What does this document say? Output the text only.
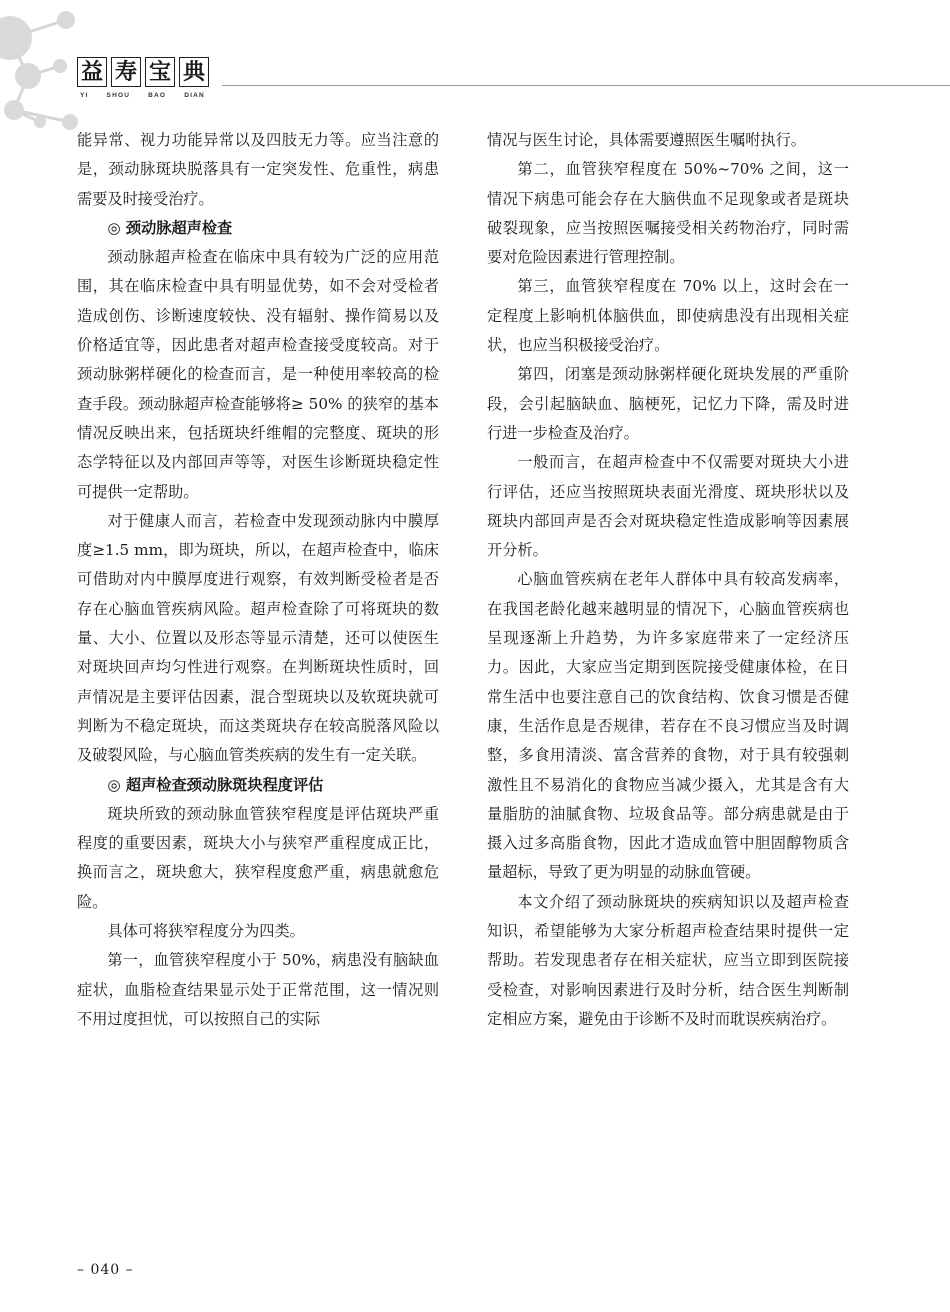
益 寿 宝 典
YI	SHOU	BAO	DIAN

能异常、视力功能异常以及四肢无力等。应当注意的是，颈动脉斑块脱落具有一定突发性、危重性，病患需要及时接受治疗。

◎ 颈动脉超声检查

颈动脉超声检查在临床中具有较为广泛的应用范围，其在临床检查中具有明显优势，如不会对受检者造成创伤、诊断速度较快、没有辐射、操作简易以及价格适宜等，因此患者对超声检查接受度较高。对于颈动脉粥样硬化的检查而言，是一种使用率较高的检查手段。颈动脉超声检查能够将≥ 50% 的狭窄的基本情况反映出来，包括斑块纤维帽的完整度、斑块的形态学特征以及内部回声等等，对医生诊断斑块稳定性可提供一定帮助。

对于健康人而言，若检查中发现颈动脉内中膜厚度≥1.5 mm，即为斑块，所以，在超声检查中，临床可借助对内中膜厚度进行观察，有效判断受检者是否存在心脑血管疾病风险。超声检查除了可将斑块的数量、大小、位置以及形态等显示清楚，还可以使医生对斑块回声均匀性进行观察。在判断斑块性质时，回声情况是主要评估因素，混合型斑块以及软斑块就可判断为不稳定斑块，而这类斑块存在较高脱落风险以及破裂风险，与心脑血管类疾病的发生有一定关联。

◎ 超声检查颈动脉斑块程度评估

斑块所致的颈动脉血管狭窄程度是评估斑块严重程度的重要因素，斑块大小与狭窄严重程度成正比，换而言之，斑块愈大，狭窄程度愈严重，病患就愈危险。

具体可将狭窄程度分为四类。

第一，血管狭窄程度小于 50%，病患没有脑缺血症状，血脂检查结果显示处于正常范围，这一情况则不用过度担忧，可以按照自己的实际

情况与医生讨论，具体需要遵照医生嘱咐执行。

第二，血管狭窄程度在 50%~70% 之间，这一情况下病患可能会存在大脑供血不足现象或者是斑块破裂现象，应当按照医嘱接受相关药物治疗，同时需要对危险因素进行管理控制。

第三，血管狭窄程度在 70% 以上，这时会在一定程度上影响机体脑供血，即使病患没有出现相关症状，也应当积极接受治疗。

第四，闭塞是颈动脉粥样硬化斑块发展的严重阶段，会引起脑缺血、脑梗死，记忆力下降，需及时进行进一步检查及治疗。

一般而言，在超声检查中不仅需要对斑块大小进行评估，还应当按照斑块表面光滑度、斑块形状以及斑块内部回声是否会对斑块稳定性造成影响等因素展开分析。

心脑血管疾病在老年人群体中具有较高发病率，在我国老龄化越来越明显的情况下，心脑血管疾病也呈现逐渐上升趋势，为许多家庭带来了一定经济压力。因此，大家应当定期到医院接受健康体检，在日常生活中也要注意自己的饮食结构、饮食习惯是否健康，生活作息是否规律，若存在不良习惯应当及时调整，多食用清淡、富含营养的食物，对于具有较强刺激性且不易消化的食物应当减少摄入，尤其是含有大量脂肪的油腻食物、垃圾食品等。部分病患就是由于摄入过多高脂食物，因此才造成血管中胆固醇物质含量超标，导致了更为明显的动脉血管硬。

本文介绍了颈动脉斑块的疾病知识以及超声检查知识，希望能够为大家分析超声检查结果时提供一定帮助。若发现患者存在相关症状，应当立即到医院接受检查，对影响因素进行及时分析，结合医生判断制定相应方案，避免由于诊断不及时而耽误疾病治疗。

– 040 –
